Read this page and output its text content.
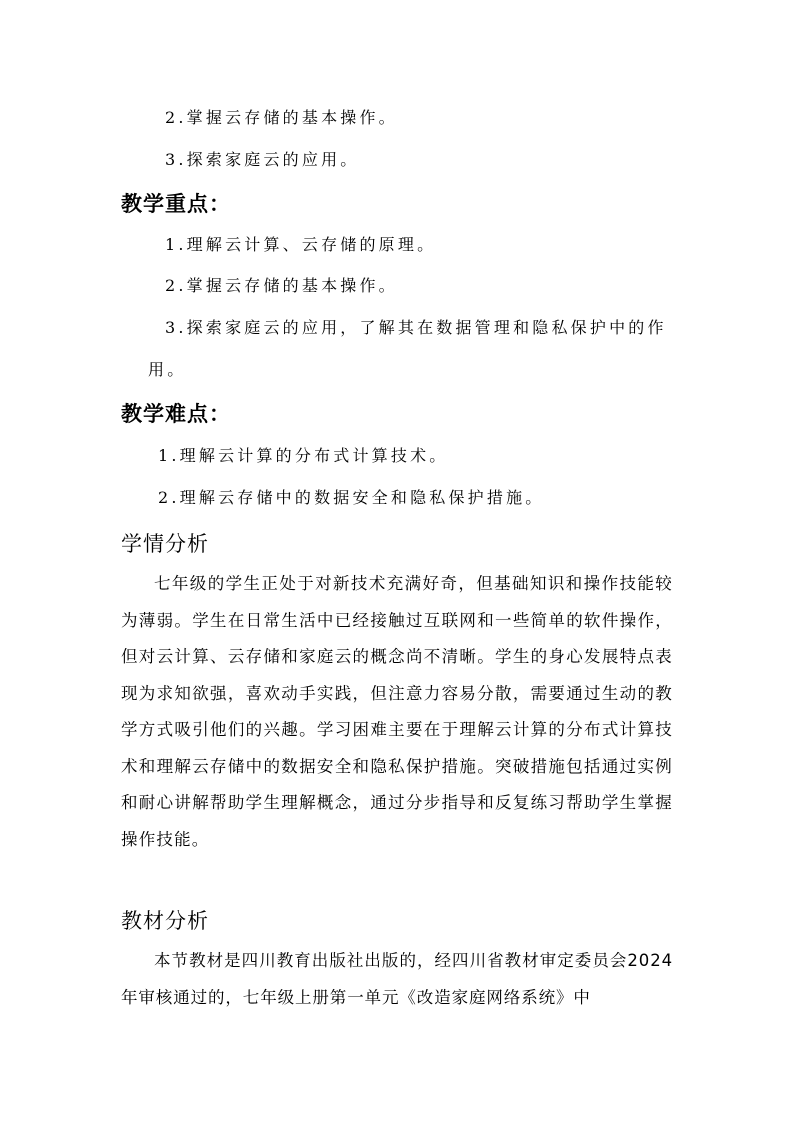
2.掌握云存储的基本操作。
3.探索家庭云的应用。
教学重点：
1.理解云计算、云存储的原理。
2.掌握云存储的基本操作。
3.探索家庭云的应用，了解其在数据管理和隐私保护中的作
用。
教学难点：
1.理解云计算的分布式计算技术。
2.理解云存储中的数据安全和隐私保护措施。
学情分析

七年级的学生正处于对新技术充满好奇，但基础知识和操作技能较为薄弱。学生在日常生活中已经接触过互联网和一些简单的软件操作，但对云计算、云存储和家庭云的概念尚不清晰。学生的身心发展特点表现为求知欲强，喜欢动手实践，但注意力容易分散，需要通过生动的教学方式吸引他们的兴趣。学习困难主要在于理解云计算的分布式计算技术和理解云存储中的数据安全和隐私保护措施。突破措施包括通过实例和耐心讲解帮助学生理解概念，通过分步指导和反复练习帮助学生掌握操作技能。

教材分析

本节教材是四川教育出版社出版的，经四川省教材审定委员会2024年审核通过的，七年级上册第一单元《改造家庭网络系统》中
